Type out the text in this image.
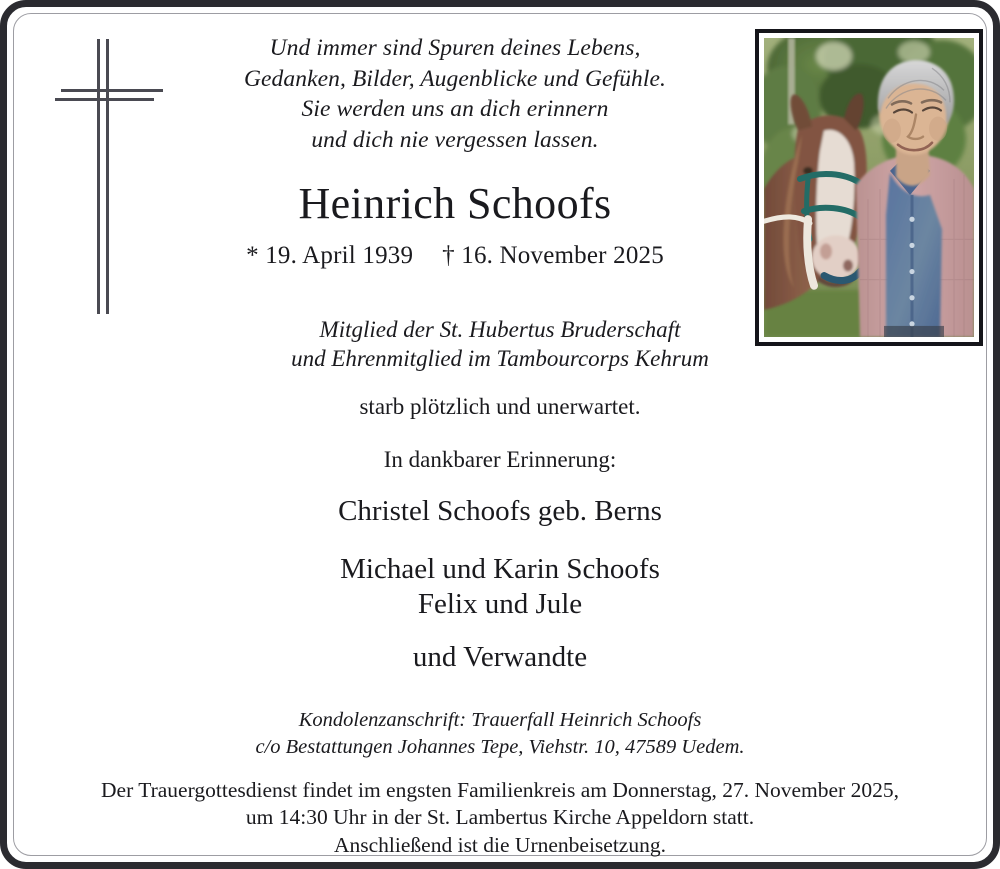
Und immer sind Spuren deines Lebens,
Gedanken, Bilder, Augenblicke und Gefühle.
Sie werden uns an dich erinnern
und dich nie vergessen lassen.
Heinrich Schoofs
* 19. April 1939 † 16. November 2025
Mitglied der St. Hubertus Bruderschaft
und Ehrenmitglied im Tambourcorps Kehrum
starb plötzlich und unerwartet.
In dankbarer Erinnerung:
Christel Schoofs geb. Berns
Michael und Karin Schoofs
Felix und Jule
und Verwandte
Kondolenzanschrift: Trauerfall Heinrich Schoofs
c/o Bestattungen Johannes Tepe, Viehstr. 10, 47589 Uedem.
Der Trauergottesdienst findet im engsten Familienkreis am Donnerstag, 27. November 2025,
um 14:30 Uhr in der St. Lambertus Kirche Appeldorn statt.
Anschließend ist die Urnenbeisetzung.
